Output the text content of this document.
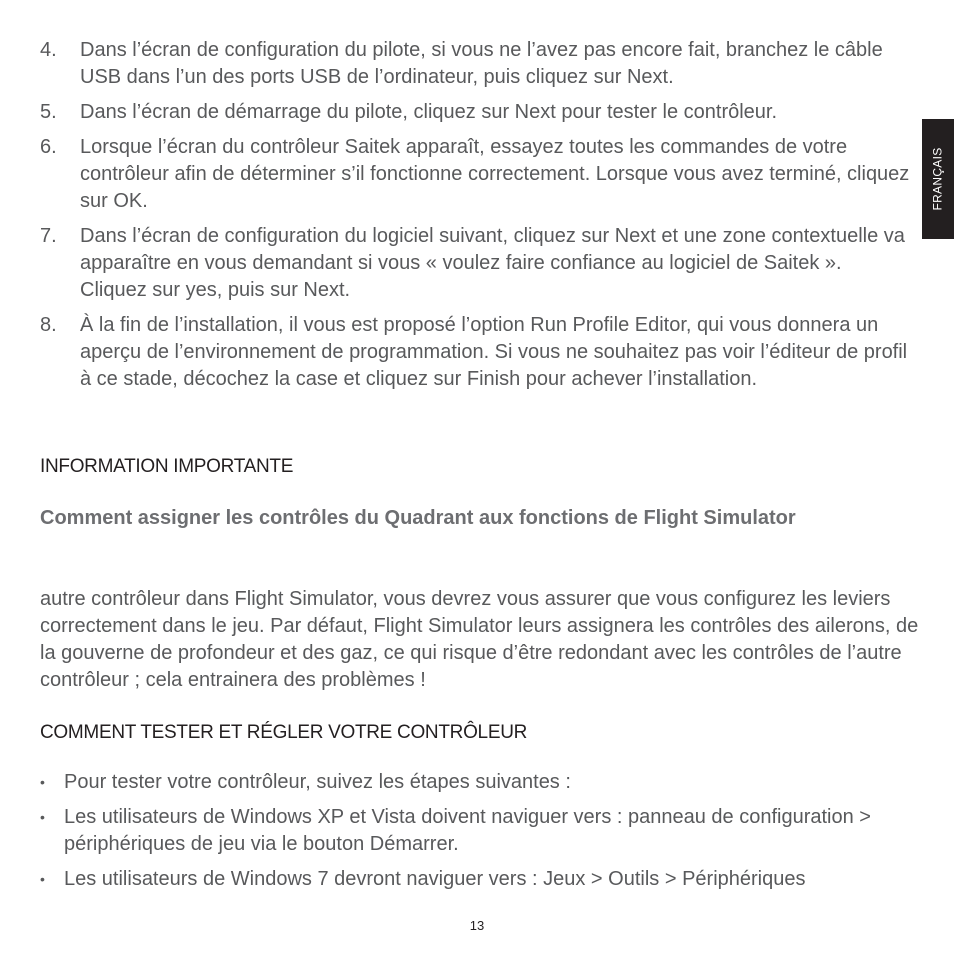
4.	Dans l’écran de configuration du pilote, si vous ne l’avez pas encore fait, branchez le câble USB dans l’un des ports USB de l’ordinateur, puis cliquez sur Next.
5.	Dans l’écran de démarrage du pilote, cliquez sur Next pour tester le contrôleur.
6.	Lorsque l’écran du contrôleur Saitek apparaît, essayez toutes les commandes de votre contrôleur afin de déterminer s’il fonctionne correctement. Lorsque vous avez terminé, cliquez sur OK.
7.	Dans l’écran de configuration du logiciel suivant, cliquez sur Next et une zone contextuelle va apparaître en vous demandant si vous « voulez faire confiance au logiciel de Saitek ». Cliquez sur yes, puis sur Next.
8.	À la fin de l’installation, il vous est proposé l’option Run Profile Editor, qui vous donnera un aperçu de l’environnement de programmation. Si vous ne souhaitez pas voir l’éditeur de profil à ce stade, décochez la case et cliquez sur Finish pour achever l’installation.
INFORMATION IMPORTANTE
Comment assigner les contrôles du Quadrant aux fonctions de Flight Simulator

autre contrôleur dans Flight Simulator, vous devrez vous assurer que vous configurez les leviers correctement dans le jeu. Par défaut, Flight Simulator leurs assignera les contrôles des ailerons, de la gouverne de profondeur et des gaz, ce qui risque d’être redondant avec les contrôles de l’autre contrôleur ; cela entrainera des problèmes !

COMMENT TESTER ET RÉGLER VOTRE CONTRÔLEUR
• Pour tester votre contrôleur, suivez les étapes suivantes :
• Les utilisateurs de Windows XP et Vista doivent naviguer vers : panneau de configuration > périphériques de jeu via le bouton Démarrer.
• Les utilisateurs de Windows 7 devront naviguer vers : Jeux > Outils > Périphériques
FRANÇAIS
13
